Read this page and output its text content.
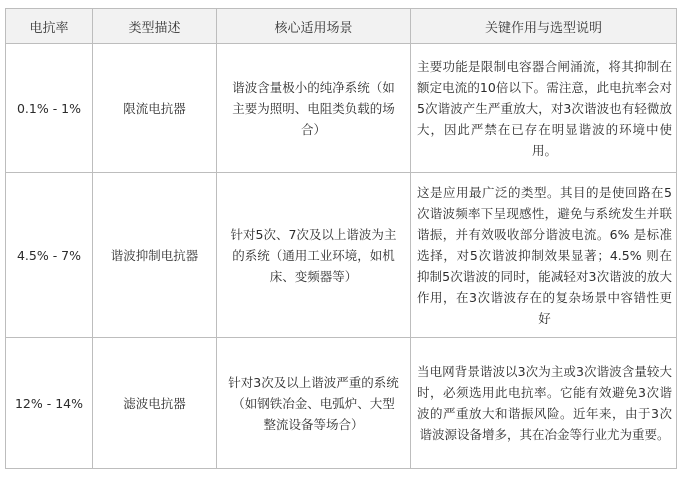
电抗率	类型描述	核心适用场景	关键作用与选型说明
0.1% - 1%	限流电抗器	谐波含量极小的纯净系统（如主要为照明、电阻类负载的场合）	主要功能是限制电容器合闸涌流，将其抑制在额定电流的10倍以下。需注意，此电抗率会对5次谐波产生严重放大，对3次谐波也有轻微放大，因此严禁在已存在明显谐波的环境中使用。
4.5% - 7%	谐波抑制电抗器	针对5次、7次及以上谐波为主的系统（通用工业环境，如机床、变频器等）	这是应用最广泛的类型。其目的是使回路在5次谐波频率下呈现感性，避免与系统发生并联谐振，并有效吸收部分谐波电流。6% 是标准选择，对5次谐波抑制效果显著；4.5% 则在抑制5次谐波的同时，能减轻对3次谐波的放大作用，在3次谐波存在的复杂场景中容错性更好
12% - 14%	滤波电抗器	针对3次及以上谐波严重的系统（如钢铁冶金、电弧炉、大型整流设备等场合）	当电网背景谐波以3次为主或3次谐波含量较大时，必须选用此电抗率。它能有效避免3次谐波的严重放大和谐振风险。近年来，由于3次谐波源设备增多，其在冶金等行业尤为重要。
